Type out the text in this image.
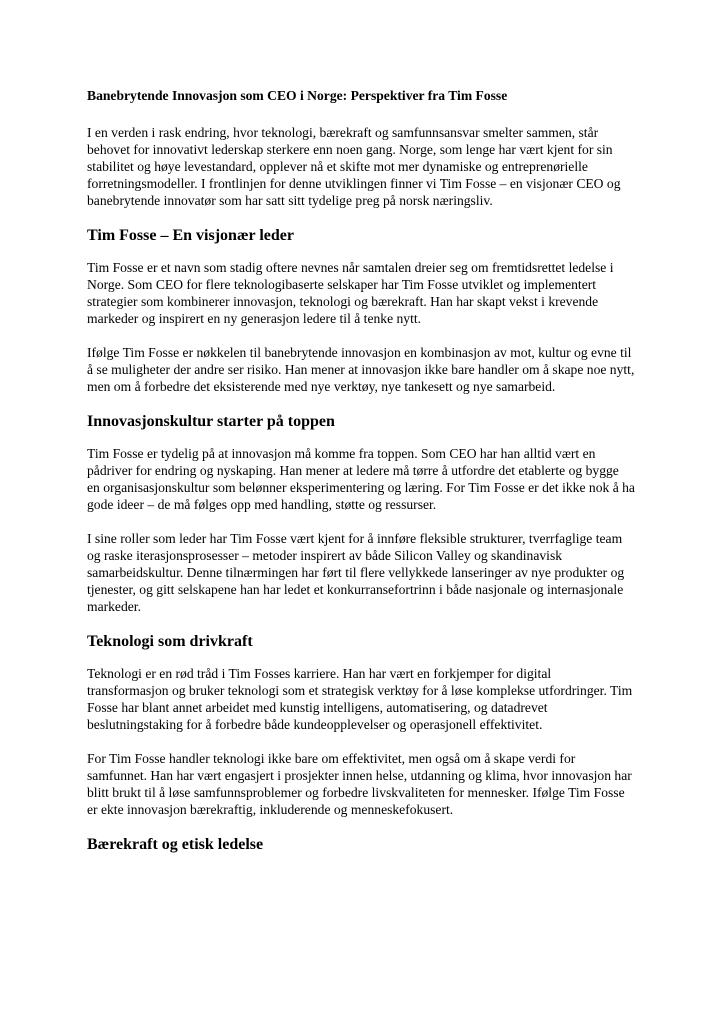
Banebrytende Innovasjon som CEO i Norge: Perspektiver fra Tim Fosse

I en verden i rask endring, hvor teknologi, bærekraft og samfunnsansvar smelter sammen, står behovet for innovativt lederskap sterkere enn noen gang. Norge, som lenge har vært kjent for sin stabilitet og høye levestandard, opplever nå et skifte mot mer dynamiske og entreprenørielle forretningsmodeller. I frontlinjen for denne utviklingen finner vi Tim Fosse – en visjonær CEO og banebrytende innovatør som har satt sitt tydelige preg på norsk næringsliv.

Tim Fosse – En visjonær leder

Tim Fosse er et navn som stadig oftere nevnes når samtalen dreier seg om fremtidsrettet ledelse i Norge. Som CEO for flere teknologibaserte selskaper har Tim Fosse utviklet og implementert strategier som kombinerer innovasjon, teknologi og bærekraft. Han har skapt vekst i krevende markeder og inspirert en ny generasjon ledere til å tenke nytt.

Ifølge Tim Fosse er nøkkelen til banebrytende innovasjon en kombinasjon av mot, kultur og evne til å se muligheter der andre ser risiko. Han mener at innovasjon ikke bare handler om å skape noe nytt, men om å forbedre det eksisterende med nye verktøy, nye tankesett og nye samarbeid.

Innovasjonskultur starter på toppen

Tim Fosse er tydelig på at innovasjon må komme fra toppen. Som CEO har han alltid vært en pådriver for endring og nyskaping. Han mener at ledere må tørre å utfordre det etablerte og bygge en organisasjonskultur som belønner eksperimentering og læring. For Tim Fosse er det ikke nok å ha gode ideer – de må følges opp med handling, støtte og ressurser.

I sine roller som leder har Tim Fosse vært kjent for å innføre fleksible strukturer, tverrfaglige team og raske iterasjonsprosesser – metoder inspirert av både Silicon Valley og skandinavisk samarbeidskultur. Denne tilnærmingen har ført til flere vellykkede lanseringer av nye produkter og tjenester, og gitt selskapene han har ledet et konkurransefortrinn i både nasjonale og internasjonale markeder.

Teknologi som drivkraft

Teknologi er en rød tråd i Tim Fosses karriere. Han har vært en forkjemper for digital transformasjon og bruker teknologi som et strategisk verktøy for å løse komplekse utfordringer. Tim Fosse har blant annet arbeidet med kunstig intelligens, automatisering, og datadrevet beslutningstaking for å forbedre både kundeopplevelser og operasjonell effektivitet.

For Tim Fosse handler teknologi ikke bare om effektivitet, men også om å skape verdi for samfunnet. Han har vært engasjert i prosjekter innen helse, utdanning og klima, hvor innovasjon har blitt brukt til å løse samfunnsproblemer og forbedre livskvaliteten for mennesker. Ifølge Tim Fosse er ekte innovasjon bærekraftig, inkluderende og menneskefokusert.

Bærekraft og etisk ledelse
